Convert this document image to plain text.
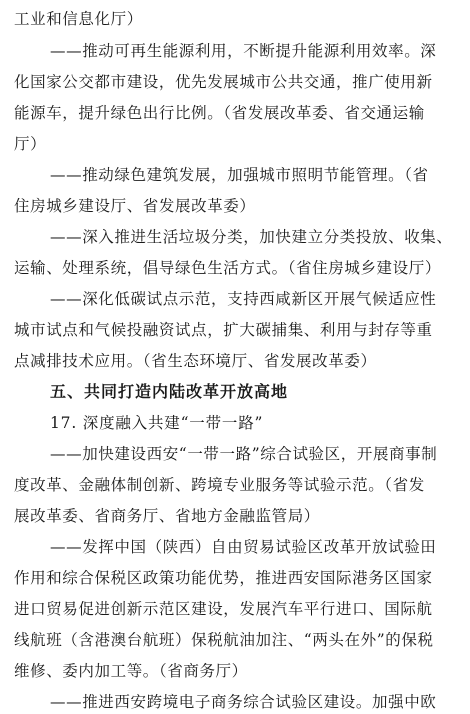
工业和信息化厅）
——推动可再生能源利用，不断提升能源利用效率。深
化国家公交都市建设，优先发展城市公共交通，推广使用新
能源车，提升绿色出行比例。（省发展改革委、省交通运输
厅）
——推动绿色建筑发展，加强城市照明节能管理。（省
住房城乡建设厅、省发展改革委）
——深入推进生活垃圾分类，加快建立分类投放、收集、
运输、处理系统，倡导绿色生活方式。（省住房城乡建设厅）
——深化低碳试点示范，支持西咸新区开展气候适应性
城市试点和气候投融资试点，扩大碳捕集、利用与封存等重
点减排技术应用。（省生态环境厅、省发展改革委）
五、共同打造内陆改革开放高地
17. 深度融入共建“一带一路”
——加快建设西安“一带一路”综合试验区，开展商事制
度改革、金融体制创新、跨境专业服务等试验示范。（省发
展改革委、省商务厅、省地方金融监管局）
——发挥中国（陕西）自由贸易试验区改革开放试验田
作用和综合保税区政策功能优势，推进西安国际港务区国家
进口贸易促进创新示范区建设，发展汽车平行进口、国际航
线航班（含港澳台航班）保税航油加注、“两头在外”的保税
维修、委内加工等。（省商务厅）
——推进西安跨境电子商务综合试验区建设。加强中欧
